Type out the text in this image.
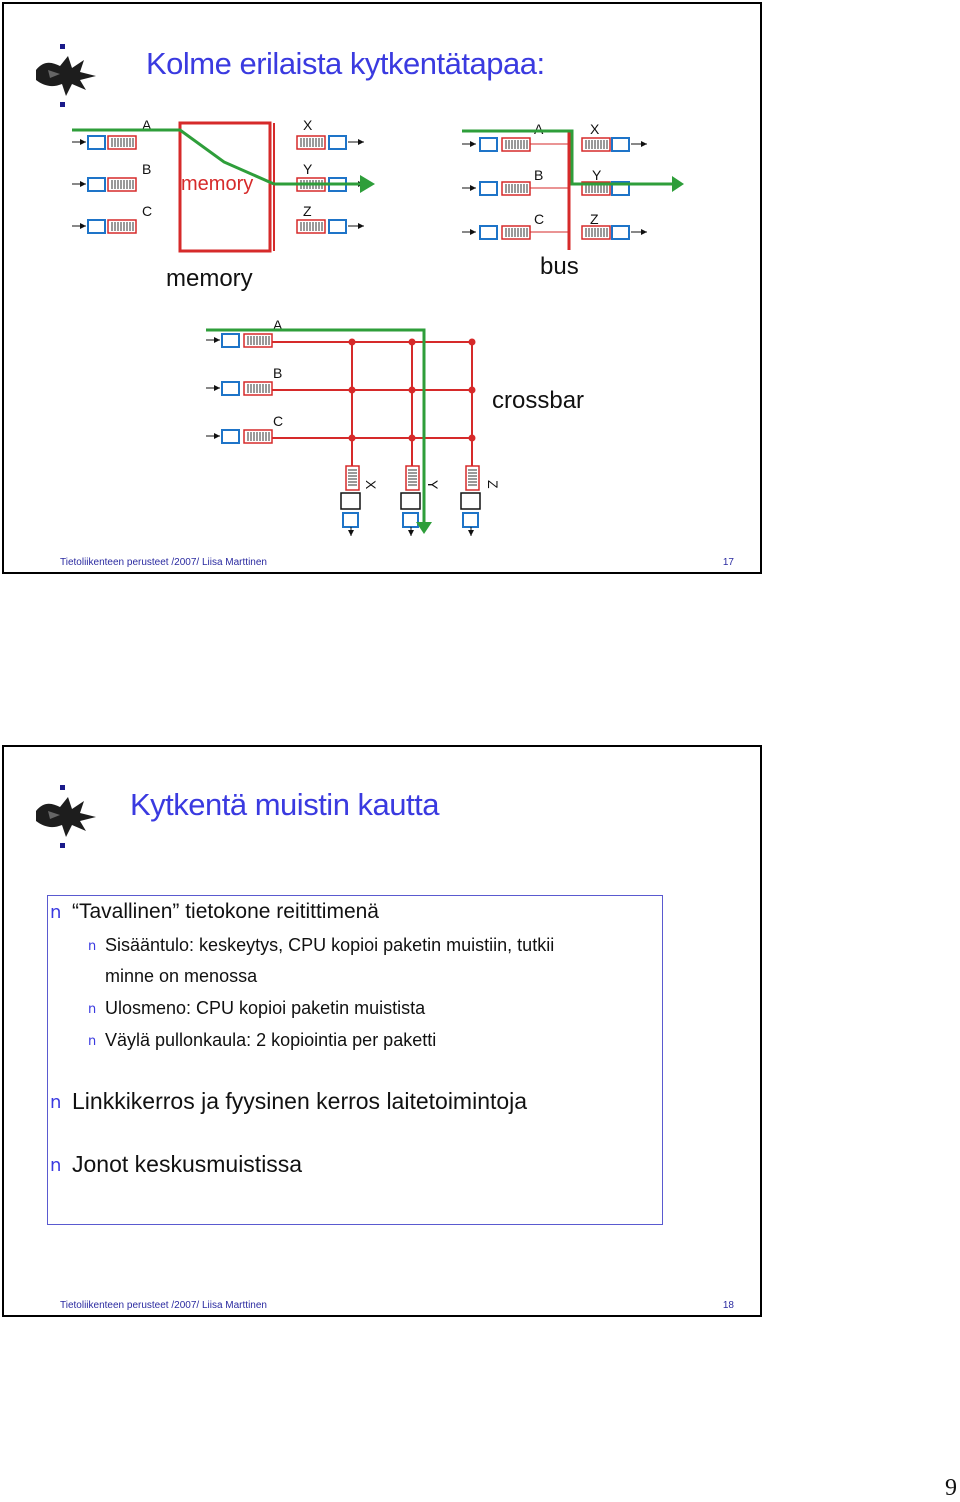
Kolme erilaista kytkentätapaa:
A
B
C
memory
X
Y
Z
memory
A
B
C
X
Y
Z
bus
A
B
C
X	Y	Z
crossbar
Tietoliikenteen perusteet /2007/ Liisa Marttinen	17
Kytkentä muistin kautta
n “Tavallinen” tietokone reitittimenä
n Sisääntulo: keskeytys, CPU kopioi paketin muistiin, tutkii
minne on menossa
n Ulosmeno: CPU kopioi paketin muistista
n Väylä pullonkaula: 2 kopiointia per paketti
n Linkkikerros ja fyysinen kerros laitetoimintoja
n Jonot keskusmuistissa
Tietoliikenteen perusteet /2007/ Liisa Marttinen	18
9
